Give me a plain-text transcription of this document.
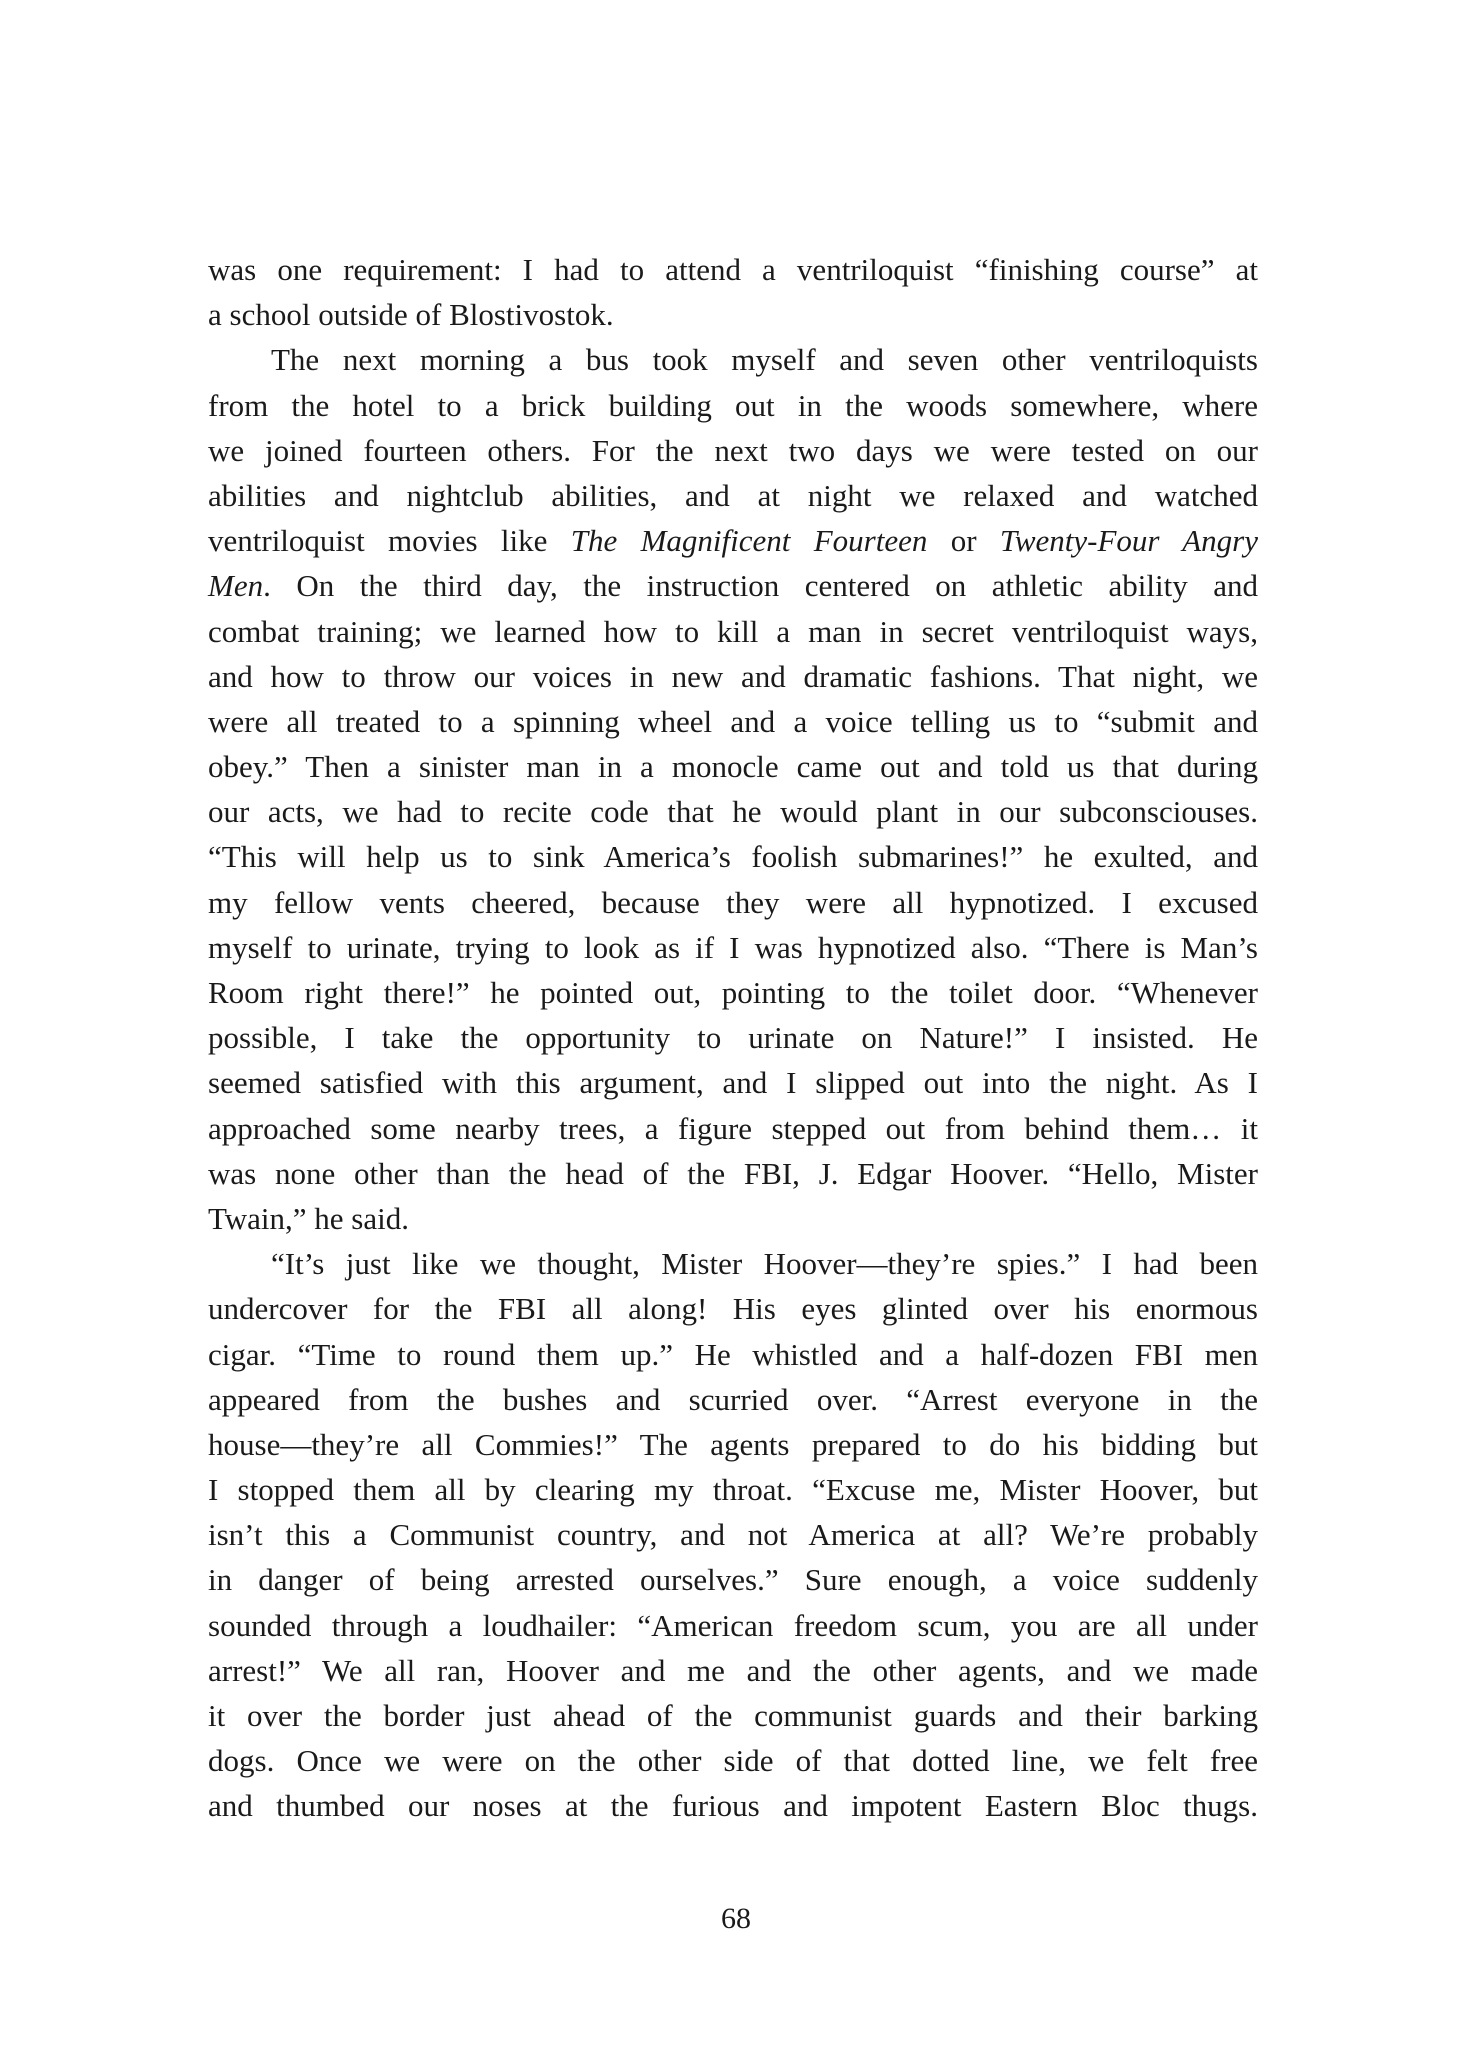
was one requirement: I had to attend a ventriloquist “finishing course” at
a school outside of Blostivostok.
The next morning a bus took myself and seven other ventriloquists
from the hotel to a brick building out in the woods somewhere, where
we joined fourteen others. For the next two days we were tested on our
abilities and nightclub abilities, and at night we relaxed and watched
ventriloquist movies like The Magnificent Fourteen or Twenty-Four Angry
Men. On the third day, the instruction centered on athletic ability and
combat training; we learned how to kill a man in secret ventriloquist ways,
and how to throw our voices in new and dramatic fashions. That night, we
were all treated to a spinning wheel and a voice telling us to “submit and
obey.” Then a sinister man in a monocle came out and told us that during
our acts, we had to recite code that he would plant in our subconsciouses.
“This will help us to sink America’s foolish submarines!” he exulted, and
my fellow vents cheered, because they were all hypnotized. I excused
myself to urinate, trying to look as if I was hypnotized also. “There is Man’s
Room right there!” he pointed out, pointing to the toilet door. “Whenever
possible, I take the opportunity to urinate on Nature!” I insisted. He
seemed satisfied with this argument, and I slipped out into the night. As I
approached some nearby trees, a figure stepped out from behind them… it
was none other than the head of the FBI, J. Edgar Hoover. “Hello, Mister
Twain,” he said.
“It’s just like we thought, Mister Hoover—they’re spies.” I had been
undercover for the FBI all along! His eyes glinted over his enormous
cigar. “Time to round them up.” He whistled and a half-dozen FBI men
appeared from the bushes and scurried over. “Arrest everyone in the
house—they’re all Commies!” The agents prepared to do his bidding but
I stopped them all by clearing my throat. “Excuse me, Mister Hoover, but
isn’t this a Communist country, and not America at all? We’re probably
in danger of being arrested ourselves.” Sure enough, a voice suddenly
sounded through a loudhailer: “American freedom scum, you are all under
arrest!” We all ran, Hoover and me and the other agents, and we made
it over the border just ahead of the communist guards and their barking
dogs. Once we were on the other side of that dotted line, we felt free
and thumbed our noses at the furious and impotent Eastern Bloc thugs.
68
